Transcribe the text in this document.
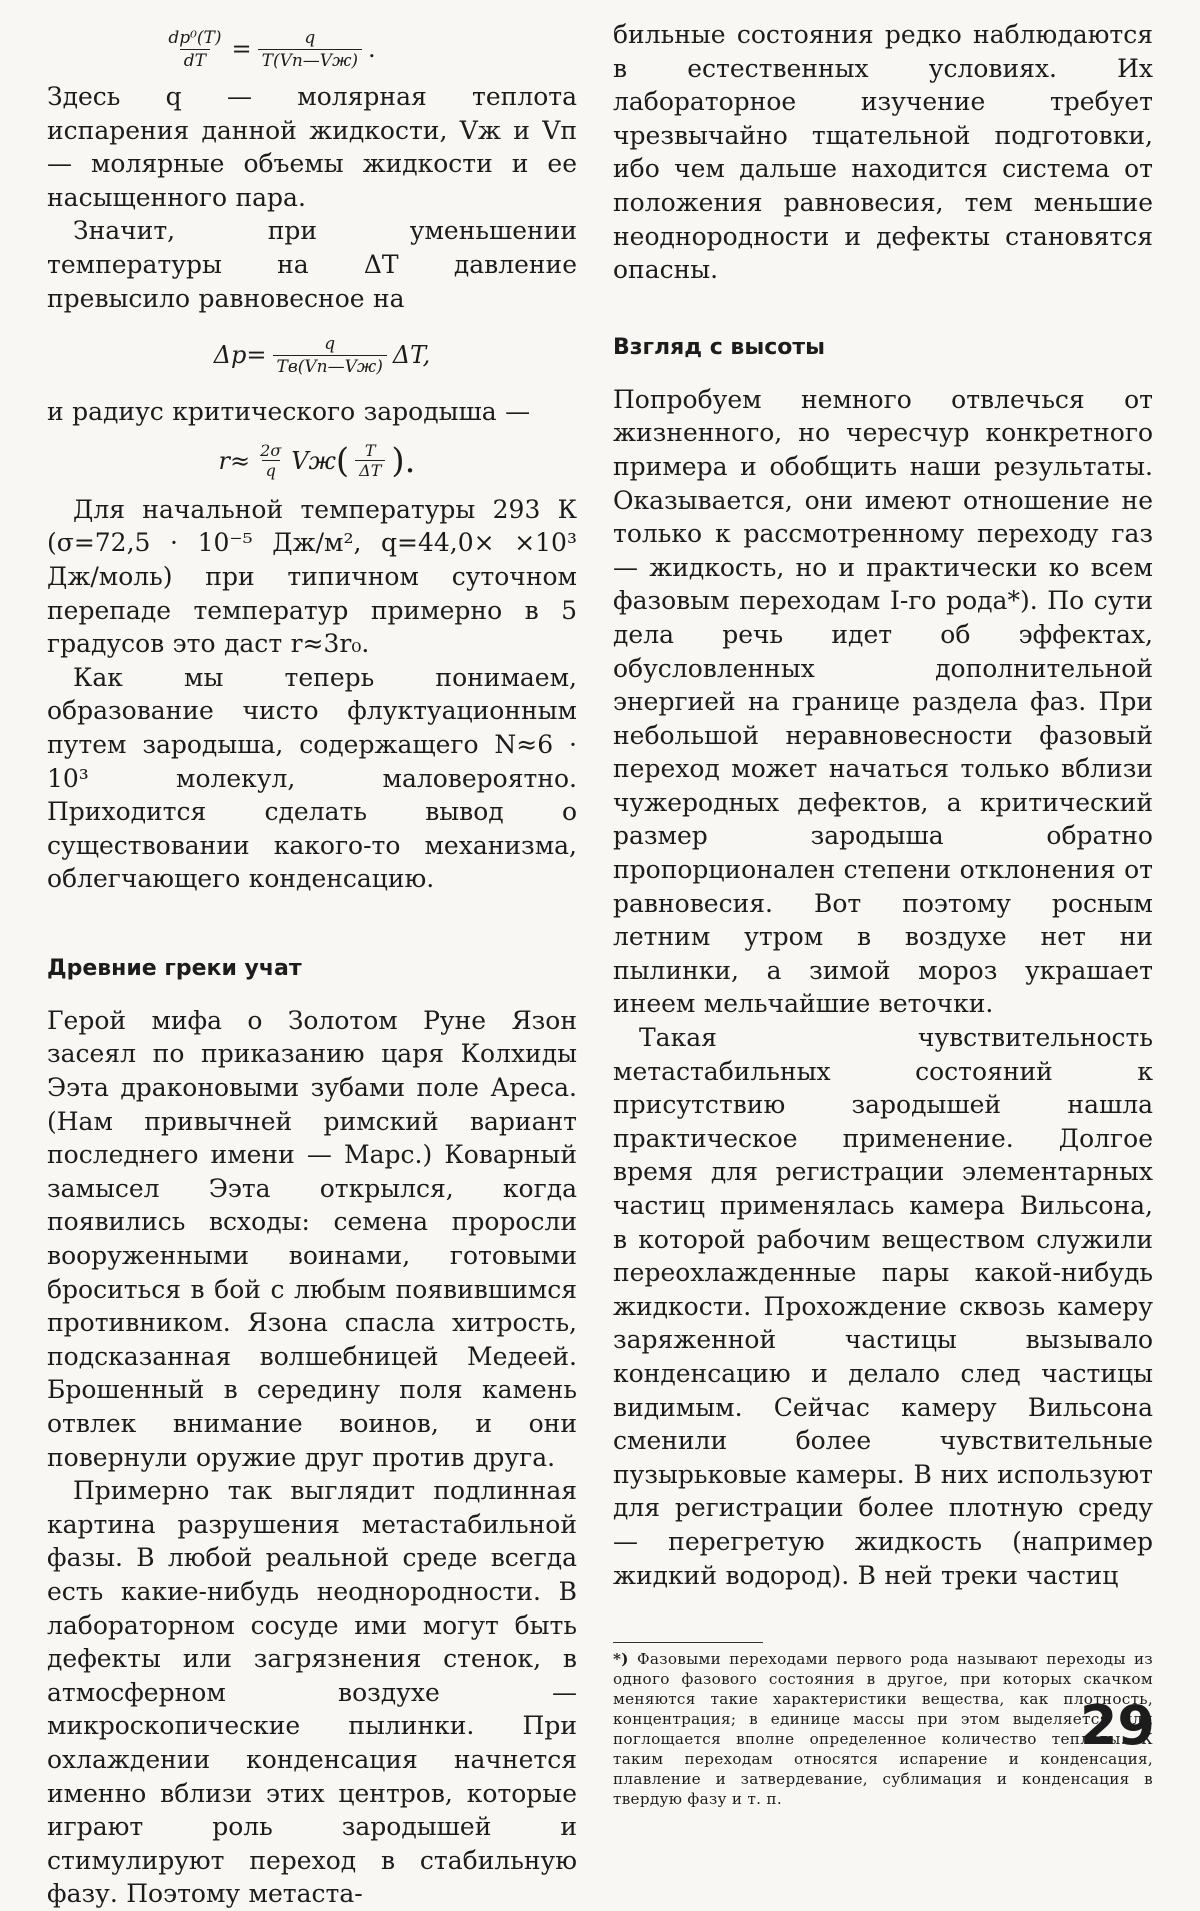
$\frac{\text{dp⁰(T)}}{dT} = \frac{q}{T(Vп—Vж)}$ .

Здесь q — молярная теплота испарения данной жидкости, Vж и Vп — молярные объемы жидкости и ее насыщенного пара.

Значит, при уменьшении температуры на ΔT давление превысило равновесное на

$\Delta p= \frac{q}{Tв(Vп—Vж)} \Delta T$,

и радиус критического зародыша —

$r\approx \frac{2\sigma}{q}$ Vж ( $\frac{T}{\Delta T}$ ).

Для начальной температуры 293 К (σ=72,5 · 10⁻⁵ Дж/м², q=44,0× ×10³ Дж/моль) при типичном суточном перепаде температур примерно в 5 градусов это даст r≈3r₀.

Как мы теперь понимаем, образование чисто флуктуационным путем зародыша, содержащего N≈6 · 10³ молекул, маловероятно. Приходится сделать вывод о существовании какого-то механизма, облегчающего конденсацию.

Древние греки учат

Герой мифа о Золотом Руне Язон засеял по приказанию царя Колхиды Ээта драконовыми зубами поле Ареса. (Нам привычней римский вариант последнего имени — Марс.) Коварный замысел Ээта открылся, когда появились всходы: семена проросли вооруженными воинами, готовыми броситься в бой с любым появившимся противником. Язона спасла хитрость, подсказанная волшебницей Медеей. Брошенный в середину поля камень отвлек внимание воинов, и они повернули оружие друг против друга.

Примерно так выглядит подлинная картина разрушения метастабильной фазы. В любой реальной среде всегда есть какие-нибудь неоднородности. В лабораторном сосуде ими могут быть дефекты или загрязнения стенок, в атмосферном воздухе — микроскопические пылинки. При охлаждении конденсация начнется именно вблизи этих центров, которые играют роль зародышей и стимулируют переход в стабильную фазу. Поэтому метаста-

бильные состояния редко наблюдаются в естественных условиях. Их лабораторное изучение требует чрезвычайно тщательной подготовки, ибо чем дальше находится система от положения равновесия, тем меньшие неоднородности и дефекты становятся опасны.

Взгляд с высоты

Попробуем немного отвлечься от жизненного, но чересчур конкретного примера и обобщить наши результаты. Оказывается, они имеют отношение не только к рассмотренному переходу газ — жидкость, но и практически ко всем фазовым переходам I-го рода*). По сути дела речь идет об эффектах, обусловленных дополнительной энергией на границе раздела фаз. При небольшой неравновесности фазовый переход может начаться только вблизи чужеродных дефектов, а критический размер зародыша обратно пропорционален степени отклонения от равновесия. Вот поэтому росным летним утром в воздухе нет ни пылинки, а зимой мороз украшает инеем мельчайшие веточки.

Такая чувствительность метастабильных состояний к присутствию зародышей нашла практическое применение. Долгое время для регистрации элементарных частиц применялась камера Вильсона, в которой рабочим веществом служили переохлажденные пары какой-нибудь жидкости. Прохождение сквозь камеру заряженной частицы вызывало конденсацию и делало след частицы видимым. Сейчас камеру Вильсона сменили более чувствительные пузырьковые камеры. В них используют для регистрации более плотную среду — перегретую жидкость (например жидкий водород). В ней треки частиц

*) Фазовыми переходами первого рода называют переходы из одного фазового состояния в другое, при которых скачком меняются такие характеристики вещества, как плотность, концентрация; в единице массы при этом выделяется или поглощается вполне определенное количество теплоты. К таким переходам относятся испарение и конденсация, плавление и затвердевание, сублимация и конденсация в твердую фазу и т. п.
29
